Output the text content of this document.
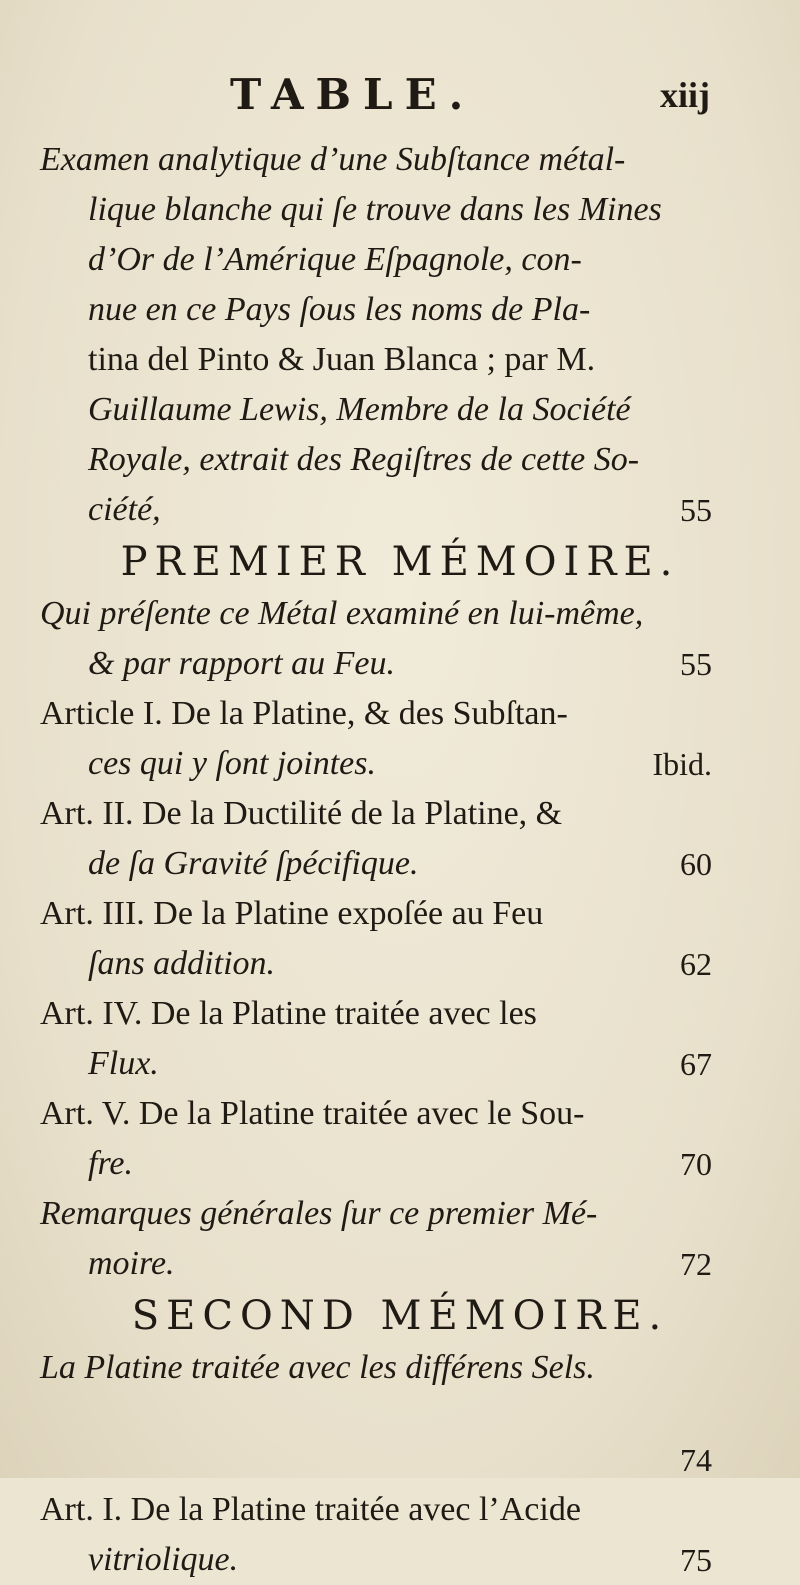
TABLE.	xiij
Examen analytique d’une Subſtance métal-
lique blanche qui ſe trouve dans les Mines
d’Or de l’Amérique Eſpagnole, con-
nue en ce Pays ſous les noms de Pla-
tina del Pinto & Juan Blanca ; par M.
Guillaume Lewis, Membre de la Société
Royale, extrait des Regiſtres de cette So-
ciété,	55
PREMIER MÉMOIRE.
Qui préſente ce Métal examiné en lui-même,
& par rapport au Feu.	55
Article I. De la Platine, & des Subſtan-
ces qui y ſont jointes.	Ibid.
Art. II. De la Ductilité de la Platine, &
de ſa Gravité ſpécifique.	60
Art. III. De la Platine expoſée au Feu
ſans addition.	62
Art. IV. De la Platine traitée avec les
Flux.	67
Art. V. De la Platine traitée avec le Sou-
fre.	70
Remarques générales ſur ce premier Mé-
moire.	72
SECOND MÉMOIRE.
La Platine traitée avec les différens Sels.
74
Art. I. De la Platine traitée avec l’Acide
vitriolique.	75
